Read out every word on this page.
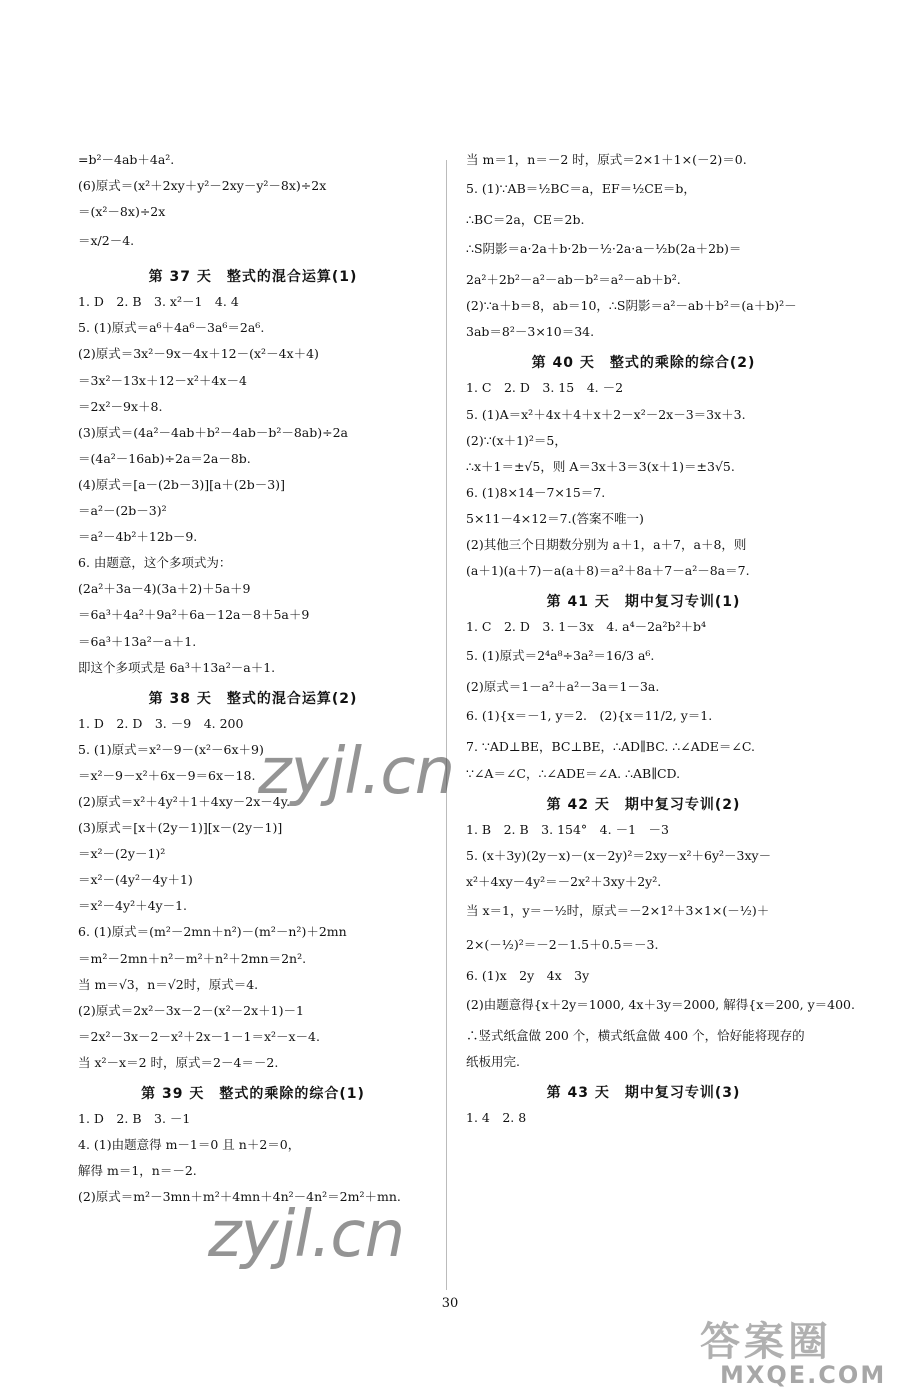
=b²－4ab＋4a².
(6)原式＝(x²＋2xy＋y²－2xy－y²－8x)÷2x
＝(x²－8x)÷2x
＝x/2－4.
第 37 天　整式的混合运算(1)
1. D　2. B　3. x²－1　4. 4
5. (1)原式＝a⁶＋4a⁶－3a⁶＝2a⁶.
(2)原式＝3x²－9x－4x＋12－(x²－4x＋4)
＝3x²－13x＋12－x²＋4x－4
＝2x²－9x＋8.
(3)原式＝(4a²－4ab＋b²－4ab－b²－8ab)÷2a
＝(4a²－16ab)÷2a＝2a－8b.
(4)原式＝[a－(2b－3)][a＋(2b－3)]
＝a²－(2b－3)²
＝a²－4b²＋12b－9.
6. 由题意，这个多项式为：
(2a²＋3a－4)(3a＋2)＋5a＋9
＝6a³＋4a²＋9a²＋6a－12a－8＋5a＋9
＝6a³＋13a²－a＋1.
即这个多项式是 6a³＋13a²－a＋1.
第 38 天　整式的混合运算(2)
1. D　2. D　3. －9　4. 200
5. (1)原式＝x²－9－(x²－6x＋9)
＝x²－9－x²＋6x－9＝6x－18.
(2)原式＝x²＋4y²＋1＋4xy－2x－4y.
(3)原式＝[x＋(2y－1)][x－(2y－1)]
＝x²－(2y－1)²
＝x²－(4y²－4y＋1)
＝x²－4y²＋4y－1.
6. (1)原式＝(m²－2mn＋n²)－(m²－n²)＋2mn
＝m²－2mn＋n²－m²＋n²＋2mn＝2n².
当 m＝√3，n＝√2时，原式＝4.
(2)原式＝2x²－3x－2－(x²－2x＋1)－1
＝2x²－3x－2－x²＋2x－1－1＝x²－x－4.
当 x²－x＝2 时，原式＝2－4＝－2.
第 39 天　整式的乘除的综合(1)
1. D　2. B　3. －1
4. (1)由题意得 m－1＝0 且 n＋2＝0，
解得 m＝1，n＝－2.
(2)原式＝m²－3mn＋m²＋4mn＋4n²－4n²＝2m²＋mn.
当 m＝1，n＝－2 时，原式＝2×1＋1×(－2)＝0.
5. (1)∵AB＝½BC＝a，EF＝½CE＝b，
∴BC＝2a，CE＝2b.
∴S阴影＝a·2a＋b·2b－½·2a·a－½b(2a＋2b)＝
2a²＋2b²－a²－ab－b²＝a²－ab＋b².
(2)∵a＋b＝8，ab＝10，∴S阴影＝a²－ab＋b²＝(a＋b)²－
3ab＝8²－3×10＝34.
第 40 天　整式的乘除的综合(2)
1. C　2. D　3. 15　4. －2
5. (1)A＝x²＋4x＋4＋x＋2－x²－2x－3＝3x＋3.
(2)∵(x＋1)²＝5，
∴x＋1＝±√5，则 A＝3x＋3＝3(x＋1)＝±3√5.
6. (1)8×14－7×15＝7.
5×11－4×12＝7.(答案不唯一)
(2)其他三个日期数分别为 a＋1，a＋7，a＋8，则
(a＋1)(a＋7)－a(a＋8)＝a²＋8a＋7－a²－8a＝7.
第 41 天　期中复习专训(1)
1. C　2. D　3. 1－3x　4. a⁴－2a²b²＋b⁴
5. (1)原式＝2⁴a⁸÷3a²＝16/3 a⁶.
(2)原式＝1－a²＋a²－3a＝1－3a.
6. (1){x＝－1, y＝2.　(2){x＝11/2, y＝1.
7. ∵AD⊥BE，BC⊥BE，∴AD∥BC. ∴∠ADE＝∠C.
∵∠A＝∠C，∴∠ADE＝∠A. ∴AB∥CD.
第 42 天　期中复习专训(2)
1. B　2. B　3. 154°　4. －1　－3
5. (x＋3y)(2y－x)－(x－2y)²＝2xy－x²＋6y²－3xy－
x²＋4xy－4y²＝－2x²＋3xy＋2y².
当 x＝1，y＝－½时，原式＝－2×1²＋3×1×(－½)＋
2×(－½)²＝－2－1.5＋0.5＝－3.
6. (1)x　2y　4x　3y
(2)由题意得{x＋2y＝1000, 4x＋3y＝2000, 解得{x＝200, y＝400.
∴竖式纸盒做 200 个，横式纸盒做 400 个，恰好能将现存的
纸板用完.
第 43 天　期中复习专训(3)
1. 4　2. 8
30
zyjl.cn
zyjl.cn
答案圈
MXQE.COM
